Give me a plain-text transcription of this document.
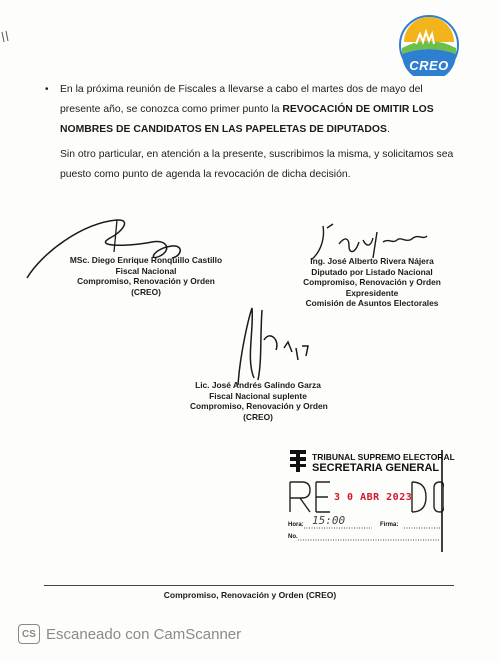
CREO
• En la próxima reunión de Fiscales a llevarse a cabo el martes dos de mayo del presente año, se conozca como primer punto la REVOCACIÓN DE OMITIR LOS NOMBRES DE CANDIDATOS EN LAS PAPELETAS DE DIPUTADOS.
Sin otro particular, en atención a la presente, suscribimos la misma, y solicitamos sea puesto como punto de agenda la revocación de dicha decisión.
MSc. Diego Enrique Ronquillo Castillo
Fiscal Nacional
Compromiso, Renovación y Orden
(CREO)
Ing. José Alberto Rivera Nájera
Diputado por Listado Nacional
Compromiso, Renovación y Orden
Expresidente
Comisión de Asuntos Electorales
Lic. José Andrés Galindo Garza
Fiscal Nacional suplente
Compromiso, Renovación y Orden
(CREO)
TRIBUNAL SUPREMO ELECTORAL
SECRETARIA GENERAL
3 0 ABR 2023
Hora: 15:00	Firma:
No.
Compromiso, Renovación y Orden (CREO)
CS Escaneado con CamScanner
